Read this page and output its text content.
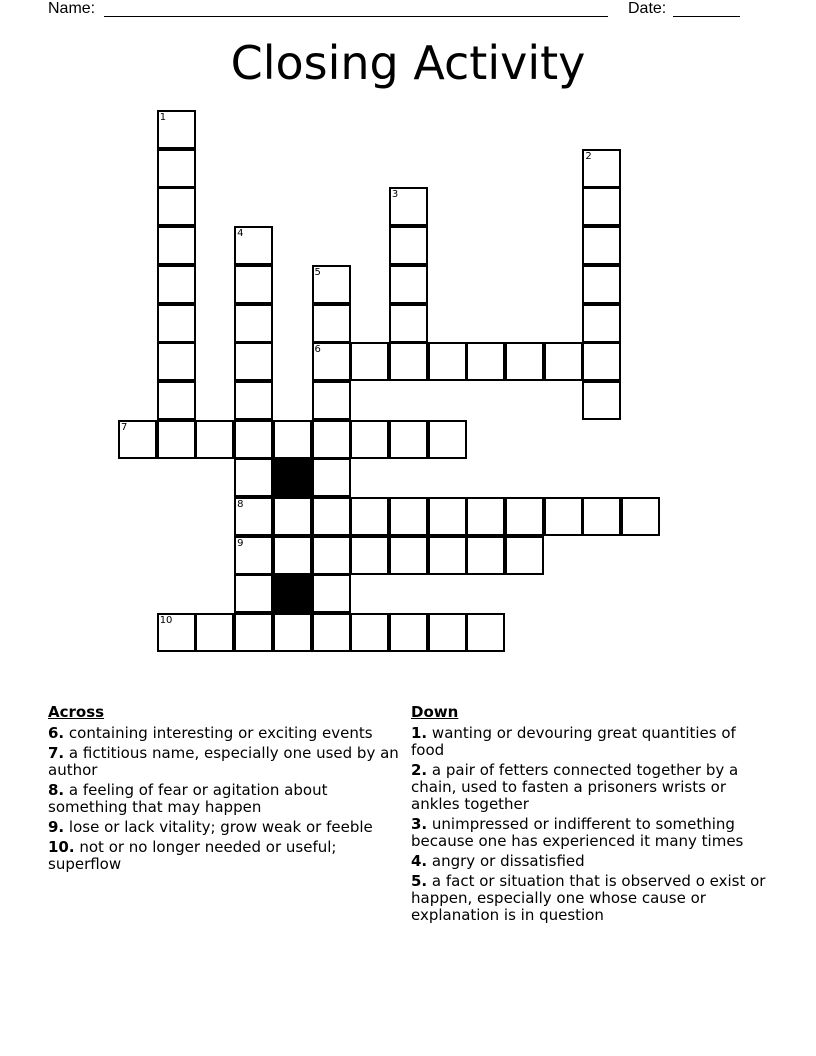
Name:	Date:
Closing Activity
1
2
3
4
5
6
7
8
9
10
Across
6. containing interesting or exciting events
7. a fictitious name, especially one used by an author
8. a feeling of fear or agitation about something that may happen
9. lose or lack vitality; grow weak or feeble
10. not or no longer needed or useful; superflow
Down
1. wanting or devouring great quantities of food
2. a pair of fetters connected together by a chain, used to fasten a prisoners wrists or ankles together
3. unimpressed or indifferent to something because one has experienced it many times
4. angry or dissatisfied
5. a fact or situation that is observed o exist or happen, especially one whose cause or explanation is in question
